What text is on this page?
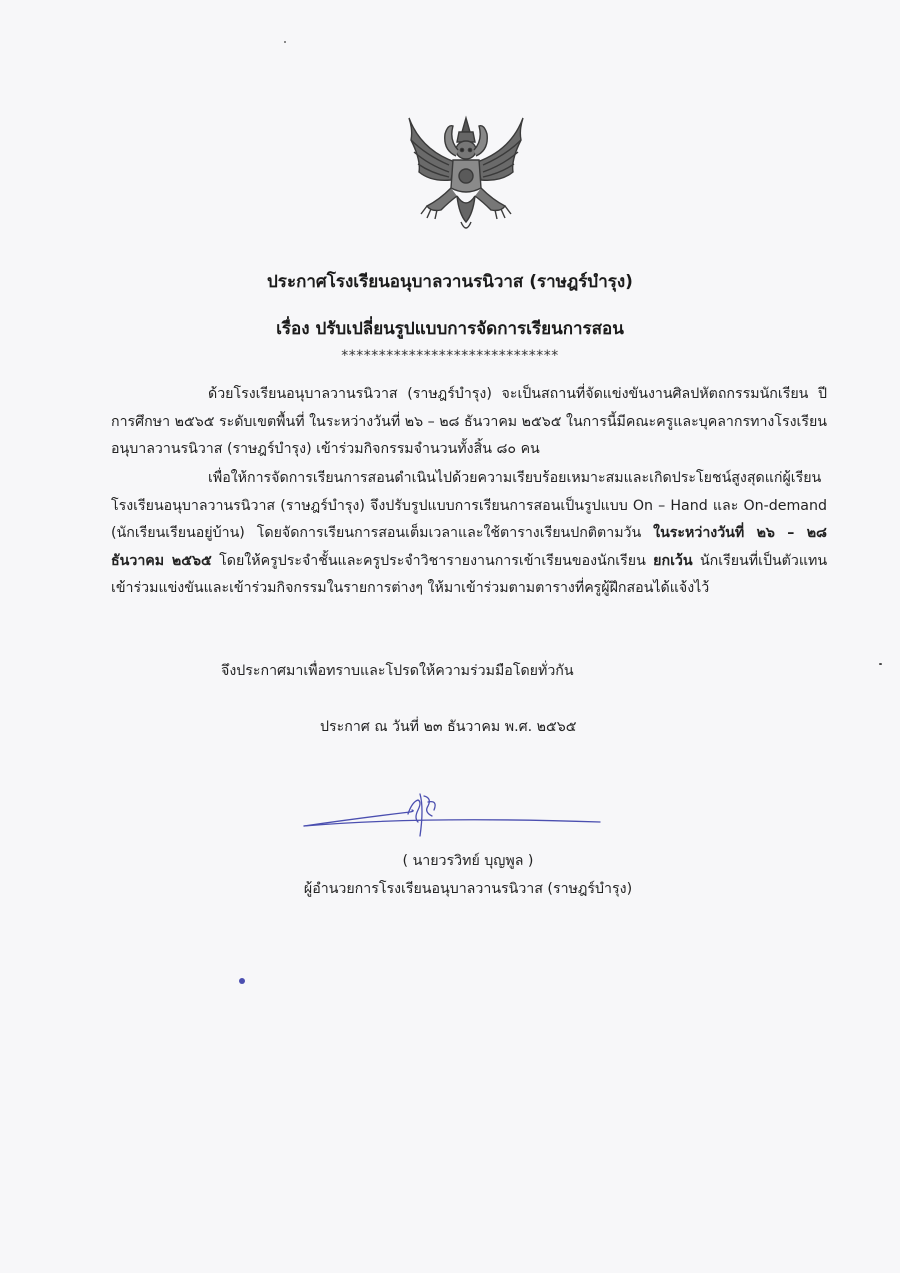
ประกาศโรงเรียนอนุบาลวานรนิวาส (ราษฎร์บำรุง)
เรื่อง ปรับเปลี่ยนรูปแบบการจัดการเรียนการสอน
*****************************
ด้วยโรงเรียนอนุบาลวานรนิวาส (ราษฎร์บำรุง) จะเป็นสถานที่จัดแข่งขันงานศิลปหัตถกรรมนักเรียน ปีการศึกษา ๒๕๖๕ ระดับเขตพื้นที่ ในระหว่างวันที่ ๒๖ – ๒๘ ธันวาคม ๒๕๖๕ ในการนี้มีคณะครูและบุคลากรทางโรงเรียนอนุบาลวานรนิวาส (ราษฎร์บำรุง) เข้าร่วมกิจกรรมจำนวนทั้งสิ้น ๘๐ คน
เพื่อให้การจัดการเรียนการสอนดำเนินไปด้วยความเรียบร้อยเหมาะสมและเกิดประโยชน์สูงสุดแก่ผู้เรียน โรงเรียนอนุบาลวานรนิวาส (ราษฎร์บำรุง) จึงปรับรูปแบบการเรียนการสอนเป็นรูปแบบ On – Hand และ On-demand (นักเรียนเรียนอยู่บ้าน) โดยจัดการเรียนการสอนเต็มเวลาและใช้ตารางเรียนปกติตามวัน ในระหว่างวันที่ ๒๖ – ๒๘ ธันวาคม ๒๕๖๕ โดยให้ครูประจำชั้นและครูประจำวิชารายงานการเข้าเรียนของนักเรียน ยกเว้น นักเรียนที่เป็นตัวแทนเข้าร่วมแข่งขันและเข้าร่วมกิจกรรมในรายการต่างๆ ให้มาเข้าร่วมตามตารางที่ครูผู้ฝึกสอนได้แจ้งไว้
จึงประกาศมาเพื่อทราบและโปรดให้ความร่วมมือโดยทั่วกัน
ประกาศ ณ วันที่ ๒๓ ธันวาคม พ.ศ. ๒๕๖๕
( นายวรวิทย์ บุญพูล )
ผู้อำนวยการโรงเรียนอนุบาลวานรนิวาส (ราษฎร์บำรุง)
